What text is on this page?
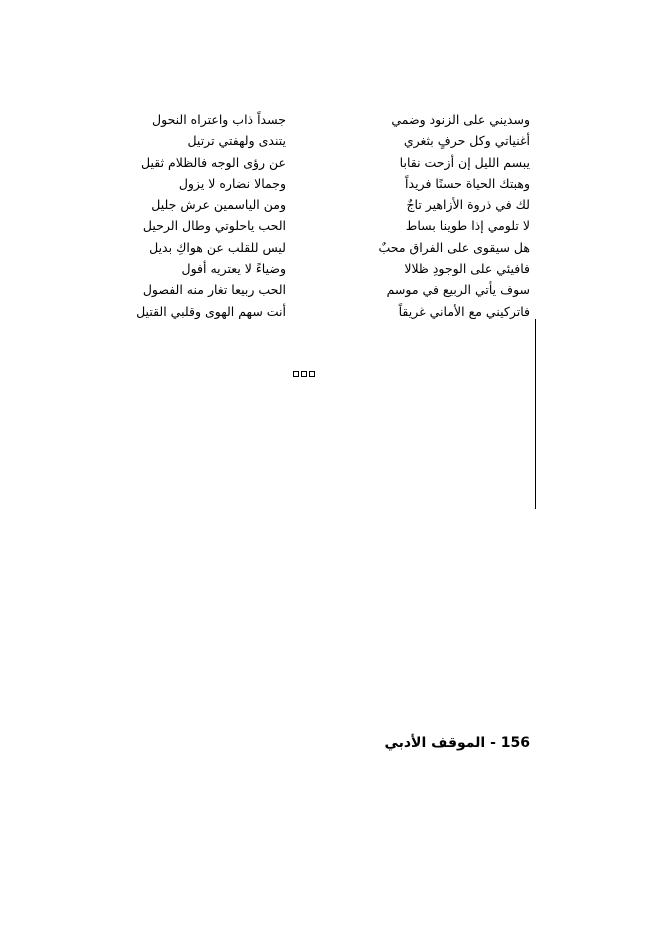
وسديني على الزنود وضمي
أغنياتي وكل حرفٍ بثغري
يبسم الليل إن أزحت نقابا
وهبتك الحياة حسنًا فريداً
لك في ذروة الأزاهير تاجٌ
لا تلومي إذا طوينا بساط
هل سيقوى على الفراق محبٌ
فافيئي على الوجودِ ظلالا
سوف يأتي الربيع في موسم
فاتركيني مع الأماني غريقاً
جسداً ذاب واعتراه النحول
يتندى ولهفتي ترتيل
عن رؤى الوجه فالظلام ثقيل
وجمالا نضاره لا يزول
ومن الياسمين عرش جليل
الحب ياحلوتي وطال الرحيل
ليس للقلب عن هواكِ بديل
وضياءً لا يعتريه أفول
الحب ربيعا تغار منه الفصول
أنت سهم الهوى وقلبي القتيل
156 - الموقف الأدبي
